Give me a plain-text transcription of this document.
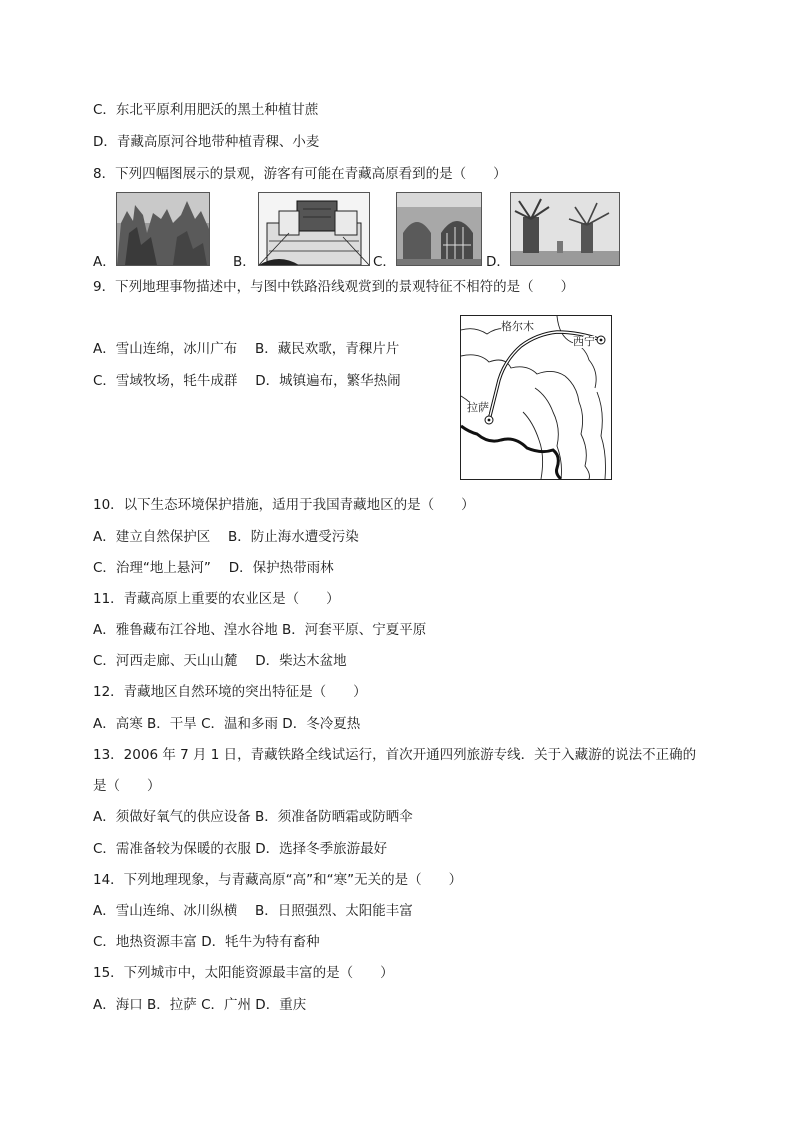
C．东北平原利用肥沃的黑土种植甘蔗
D．青藏高原河谷地带种植青稞、小麦
8．下列四幅图展示的景观，游客有可能在青藏高原看到的是（　　）
A．	B．	C．	D．
9．下列地理事物描述中，与图中铁路沿线观赏到的景观特征不相符的是（　　）
A．雪山连绵，冰川广布　 B．藏民欢歌，青稞片片
C．雪域牧场，牦牛成群　 D．城镇遍布，繁华热闹
格尔木
西宁
拉萨
10．以下生态环境保护措施，适用于我国青藏地区的是（　　）
A．建立自然保护区　 B．防止海水遭受污染
C．治理“地上悬河”　 D．保护热带雨林
11．青藏高原上重要的农业区是（　　）
A．雅鲁藏布江谷地、湟水谷地 B．河套平原、宁夏平原
C．河西走廊、天山山麓　 D．柴达木盆地
12．青藏地区自然环境的突出特征是（　　）
A．高寒 B．干旱 C．温和多雨 D．冬冷夏热
13．2006 年 7 月 1 日，青藏铁路全线试运行，首次开通四列旅游专线．关于入藏游的说法不正确的
是（　　）
A．须做好氧气的供应设备 B．须准备防晒霜或防晒伞
C．需准备较为保暖的衣服 D．选择冬季旅游最好
14．下列地理现象，与青藏高原“高”和“寒”无关的是（　　）
A．雪山连绵、冰川纵横　 B．日照强烈、太阳能丰富
C．地热资源丰富 D．牦牛为特有畜种
15．下列城市中，太阳能资源最丰富的是（　　）
A．海口 B．拉萨 C．广州 D．重庆
